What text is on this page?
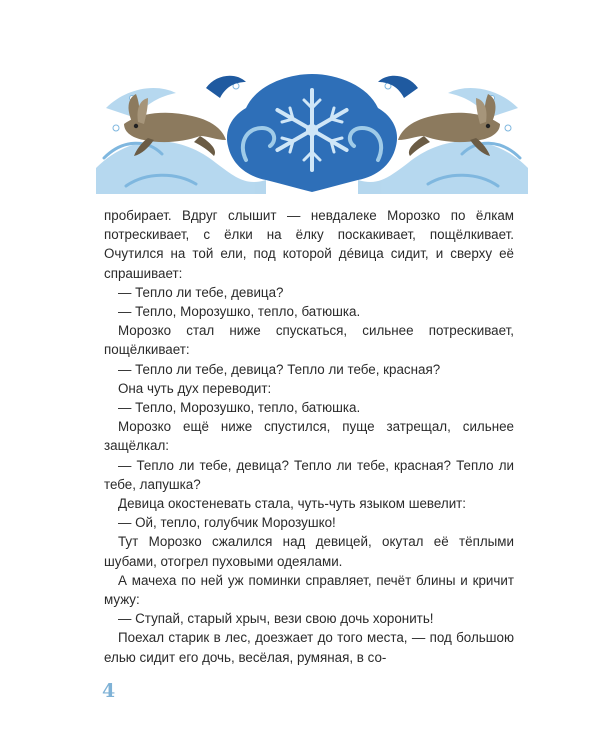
пробирает. Вдруг слышит — невдалеке Морозко по ёлкам потрескивает, с ёлки на ёлку поскакивает, пощёлкивает. Очутился на той ели, под которой дéвица сидит, и сверху её спрашивает:

— Тепло ли тебе, девица?

— Тепло, Морозушко, тепло, батюшка.

Морозко стал ниже спускаться, сильнее потрескивает, пощёлкивает:

— Тепло ли тебе, девица? Тепло ли тебе, красная?

Она чуть дух переводит:

— Тепло, Морозушко, тепло, батюшка.

Морозко ещё ниже спустился, пуще затрещал, сильнее защёлкал:

— Тепло ли тебе, девица? Тепло ли тебе, красная? Тепло ли тебе, лапушка?

Девица окостеневать стала, чуть-чуть языком шевелит:

— Ой, тепло, голубчик Морозушко!

Тут Морозко сжалился над девицей, окутал её тёплыми шубами, отогрел пуховыми одеялами.

А мачеха по ней уж поминки справляет, печёт блины и кричит мужу:

— Ступай, старый хрыч, вези свою дочь хоронить!

Поехал старик в лес, доезжает до того места, — под большою елью сидит его дочь, весёлая, румяная, в со-

4
